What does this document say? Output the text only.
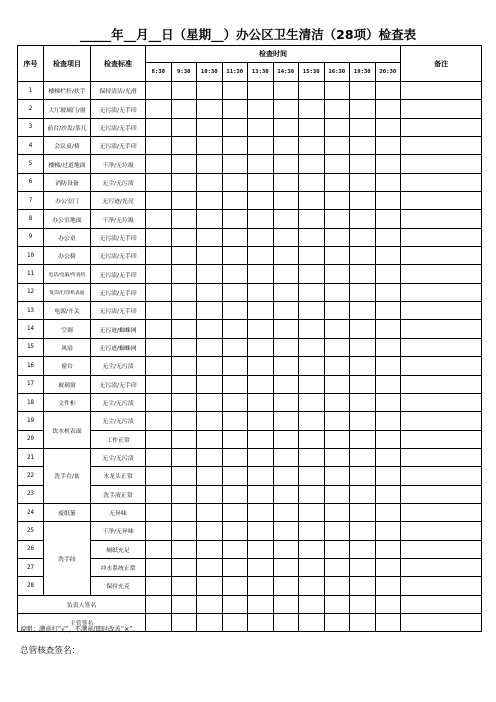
_____年__月__日（星期__）办公区卫生清洁（28项）检查表
序号	检查项目	检查标准	检查时间										备注
			8:30	9:30	10:30	11:30	13:30	14:30	15:30	16:30	19:30	20:30	
1	楼梯栏杆/扶手	保持清洁/光滑											
2	大厅玻璃门/窗	无污渍/无手印											
3	前台/沙发/茶几	无污渍/无手印											
4	会议桌/椅	无污渍/无手印											
5	楼梯/过道地面	干净/无垃圾											
6	消防设备	无尘/无污渍											
7	办公室门	无污迹/光亮											
8	办公室地面	干净/无垃圾											
9	办公桌	无污渍/无手印											
10	办公椅	无污渍/无手印											
11	电话/电脑/传真机	无污渍/无手印											
12	复印/打印机表面	无污渍/无手印											
13	电源/开关	无污渍/无手印											
14	空调	无污迹/蜘蛛网											
15	风扇	无污迹/蜘蛛网											
16	窗台	无尘/无污渍											
17	玻璃窗	无污渍/无手印											
18	文件柜	无尘/无污渍											
19	饮水机表面	无尘/无污渍											
20		工作正常											
21	洗手台/盆	无尘/无污渍											
22		水龙头正常											
23		洗手液正常											
24	废纸篓	无异味											
25	洗手间	干净/无异味											
26		厕纸充足											
27		冲水系统正常											
28		保持充克											
负责人签名													
主管签名													
说明：满意打“√”，不满意/即时改善“×”。
总管核查签名：
